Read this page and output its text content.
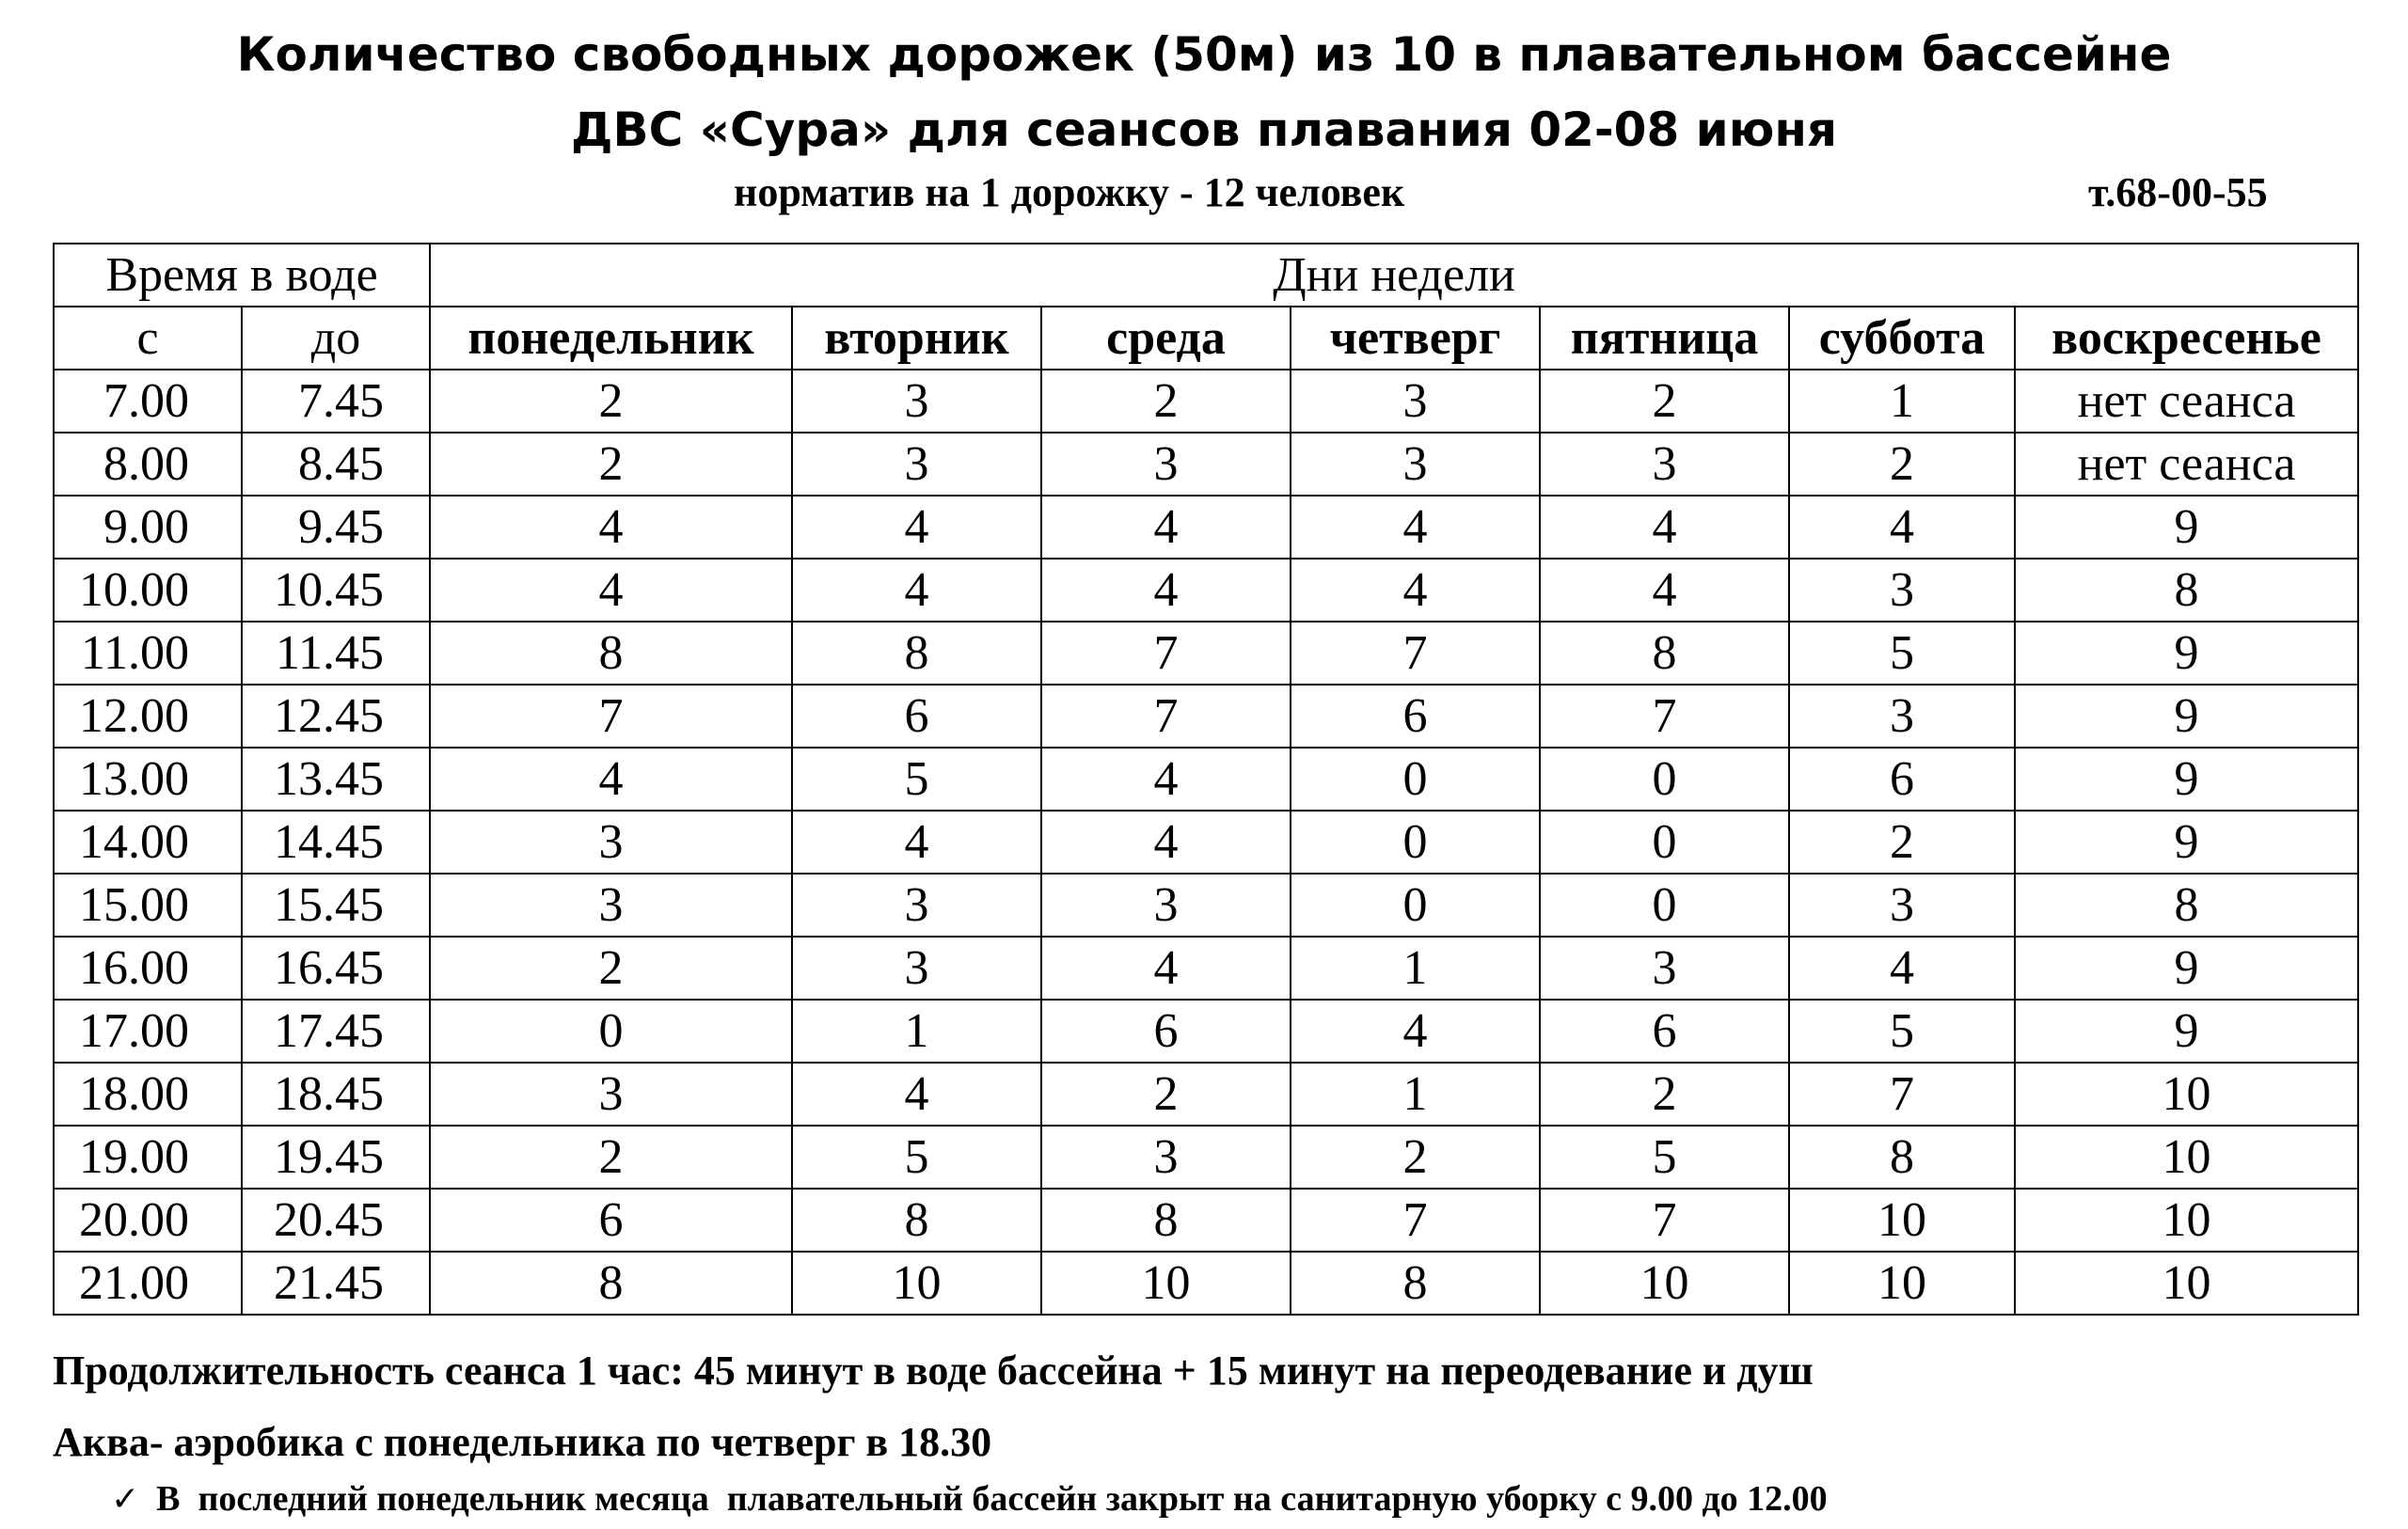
Количество свободных дорожек (50м) из 10 в плавательном бассейне
ДВС «Сура» для сеансов плавания 02-08 июня
норматив на 1 дорожку - 12 человек	т.68-00-55
Время в воде		Дни недели						
с	до	понедельник	вторник	среда	четверг	пятница	суббота	воскресенье
7.00	7.45	2	3	2	3	2	1	нет сеанса
8.00	8.45	2	3	3	3	3	2	нет сеанса
9.00	9.45	4	4	4	4	4	4	9
10.00	10.45	4	4	4	4	4	3	8
11.00	11.45	8	8	7	7	8	5	9
12.00	12.45	7	6	7	6	7	3	9
13.00	13.45	4	5	4	0	0	6	9
14.00	14.45	3	4	4	0	0	2	9
15.00	15.45	3	3	3	0	0	3	8
16.00	16.45	2	3	4	1	3	4	9
17.00	17.45	0	1	6	4	6	5	9
18.00	18.45	3	4	2	1	2	7	10
19.00	19.45	2	5	3	2	5	8	10
20.00	20.45	6	8	8	7	7	10	10
21.00	21.45	8	10	10	8	10	10	10
Продолжительность сеанса 1 час: 45 минут в воде бассейна + 15 минут на переодевание и душ
Аква- аэробика с понедельника по четверг в 18.30
✓ В  последний понедельник месяца  плавательный бассейн закрыт на санитарную уборку с 9.00 до 12.00
